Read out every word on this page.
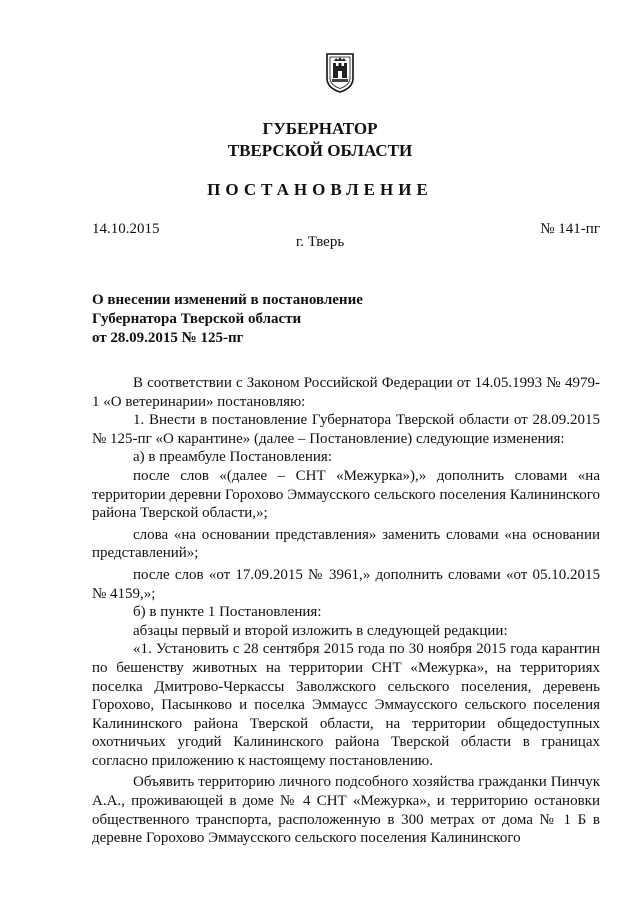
ГУБЕРНАТОР
ТВЕРСКОЙ ОБЛАСТИ
ПОСТАНОВЛЕНИЕ
14.10.2015	№ 141-пг
г. Тверь
О внесении изменений в постановление
Губернатора Тверской области
от 28.09.2015 № 125-пг

В соответствии с Законом Российской Федерации от 14.05.1993 № 4979-1 «О ветеринарии» постановляю:

1. Внести в постановление Губернатора Тверской области от 28.09.2015 № 125-пг «О карантине» (далее – Постановление) следующие изменения:

а) в преамбуле Постановления:

после слов «(далее – СНТ «Межурка»),» дополнить словами «на территории деревни Горохово Эммаусского сельского поселения Калининского района Тверской области,»;

слова «на основании представления» заменить словами «на основании представлений»;

после слов «от 17.09.2015 № 3961,» дополнить словами «от 05.10.2015 № 4159,»;

б) в пункте 1 Постановления:

абзацы первый и второй изложить в следующей редакции:

«1. Установить с 28 сентября 2015 года по 30 ноября 2015 года карантин по бешенству животных на территории СНТ «Межурка», на территориях поселка Дмитрово-Черкассы Заволжского сельского поселения, деревень Горохово, Пасынково и поселка Эммаусс Эммаусского сельского поселения Калининского района Тверской области, на территории общедоступных охотничьих угодий Калининского района Тверской области в границах согласно приложению к настоящему постановлению.

Объявить территорию личного подсобного хозяйства гражданки Пинчук А.А., проживающей в доме № 4 СНТ «Межурка», и территорию остановки общественного транспорта, расположенную в 300 метрах от дома № 1 Б в деревне Горохово Эммаусского сельского поселения Калининского
